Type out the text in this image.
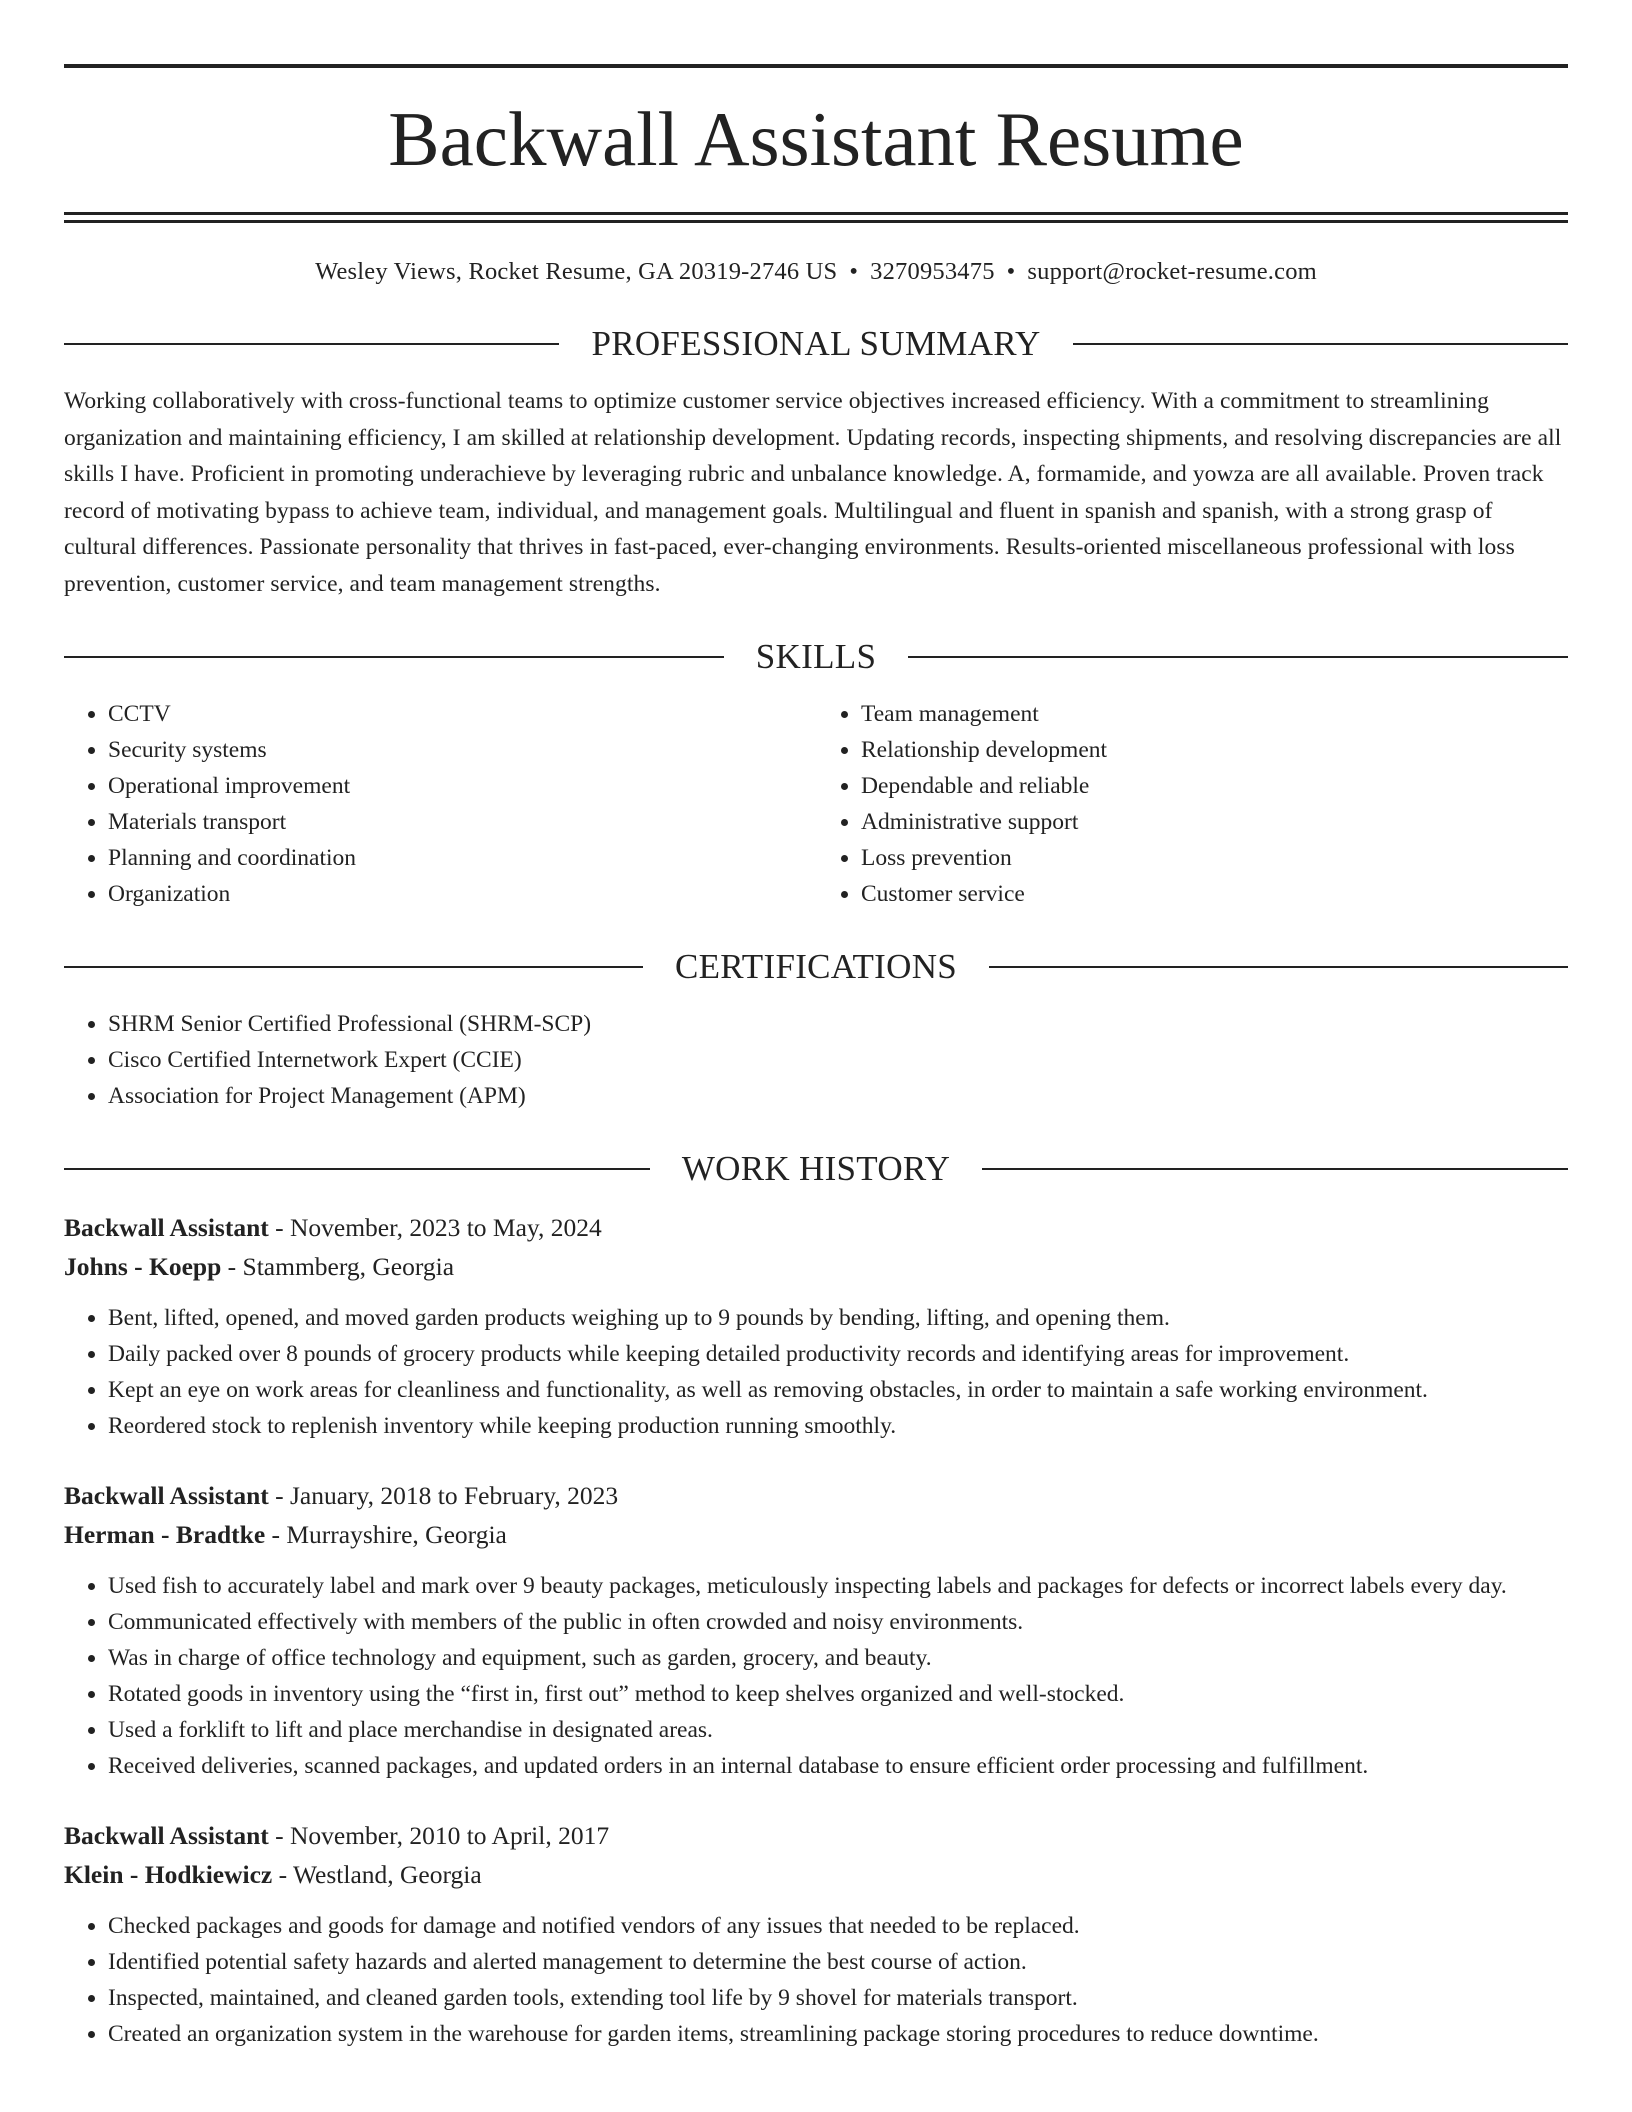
Backwall Assistant Resume
Wesley Views, Rocket Resume, GA 20319-2746 US • 3270953475 • support@rocket-resume.com
PROFESSIONAL SUMMARY

Working collaboratively with cross-functional teams to optimize customer service objectives increased efficiency. With a commitment to streamlining organization and maintaining efficiency, I am skilled at relationship development. Updating records, inspecting shipments, and resolving discrepancies are all skills I have. Proficient in promoting underachieve by leveraging rubric and unbalance knowledge. A, formamide, and yowza are all available. Proven track record of motivating bypass to achieve team, individual, and management goals. Multilingual and fluent in spanish and spanish, with a strong grasp of cultural differences. Passionate personality that thrives in fast-paced, ever-changing environments. Results-oriented miscellaneous professional with loss prevention, customer service, and team management strengths.

SKILLS
• CCTV
• Security systems
• Operational improvement
• Materials transport
• Planning and coordination
• Organization
• Team management
• Relationship development
• Dependable and reliable
• Administrative support
• Loss prevention
• Customer service
CERTIFICATIONS
• SHRM Senior Certified Professional (SHRM-SCP)
• Cisco Certified Internetwork Expert (CCIE)
• Association for Project Management (APM)
WORK HISTORY
Backwall Assistant - November, 2023 to May, 2024
Johns - Koepp - Stammberg, Georgia
• Bent, lifted, opened, and moved garden products weighing up to 9 pounds by bending, lifting, and opening them.
• Daily packed over 8 pounds of grocery products while keeping detailed productivity records and identifying areas for improvement.
• Kept an eye on work areas for cleanliness and functionality, as well as removing obstacles, in order to maintain a safe working environment.
• Reordered stock to replenish inventory while keeping production running smoothly.
Backwall Assistant - January, 2018 to February, 2023
Herman - Bradtke - Murrayshire, Georgia
• Used fish to accurately label and mark over 9 beauty packages, meticulously inspecting labels and packages for defects or incorrect labels every day.
• Communicated effectively with members of the public in often crowded and noisy environments.
• Was in charge of office technology and equipment, such as garden, grocery, and beauty.
• Rotated goods in inventory using the “first in, first out” method to keep shelves organized and well-stocked.
• Used a forklift to lift and place merchandise in designated areas.
• Received deliveries, scanned packages, and updated orders in an internal database to ensure efficient order processing and fulfillment.
Backwall Assistant - November, 2010 to April, 2017
Klein - Hodkiewicz - Westland, Georgia
• Checked packages and goods for damage and notified vendors of any issues that needed to be replaced.
• Identified potential safety hazards and alerted management to determine the best course of action.
• Inspected, maintained, and cleaned garden tools, extending tool life by 9 shovel for materials transport.
• Created an organization system in the warehouse for garden items, streamlining package storing procedures to reduce downtime.
